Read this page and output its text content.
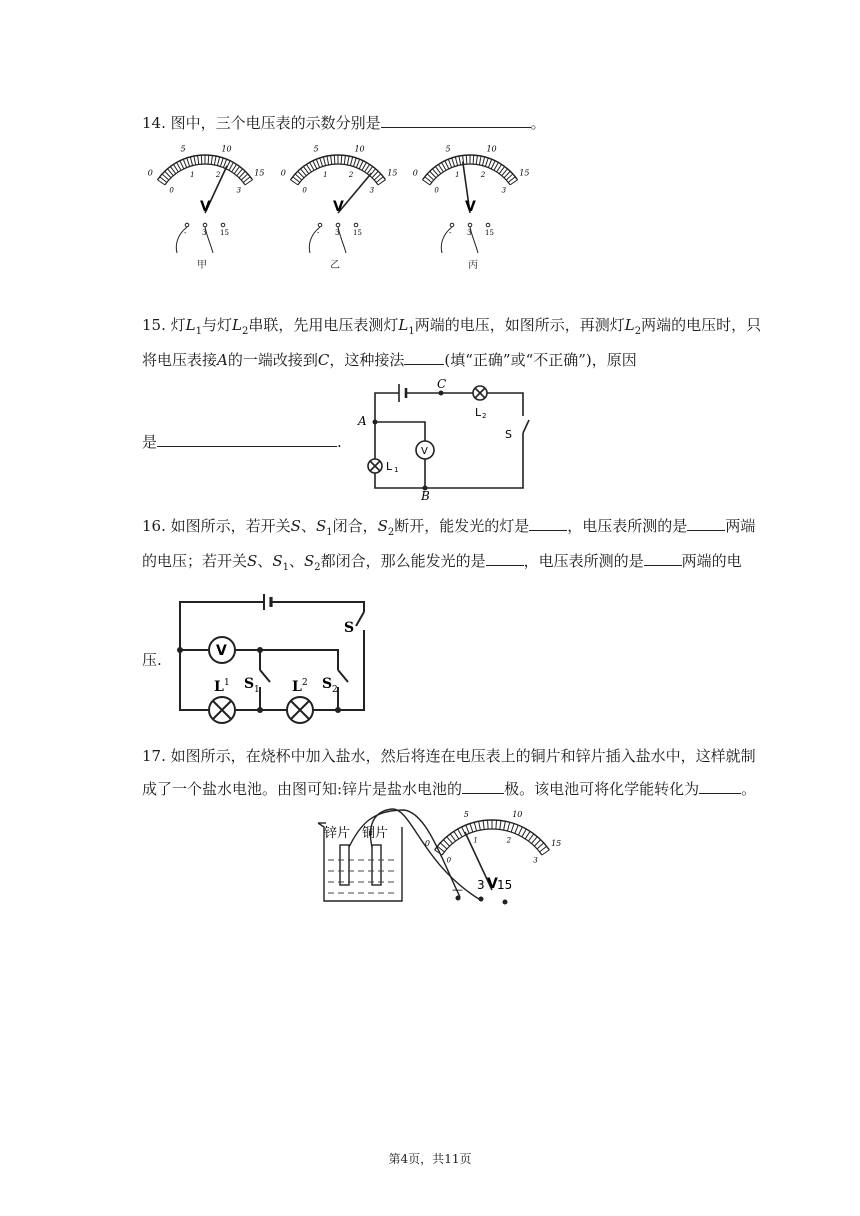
14. 图中，三个电压表的示数分别是	。
0
5	10
15
0
1	2
3
V
- 3 15
0
5	10
15
0
1	2
3
V
- 3 15
0
5	10
15
0
1	2
3
V
- 3 15
甲	乙	丙
15. 灯$L_1$与灯$L_2$串联，先用电压表测灯$L_1$两端的电压，如图所示，再测灯$L_2$两端的电压时，只
将电压表接A的一端改接到C，这种接法	(填“正确”或“不正确”)，原因
是	.
V
C
A
B
L 1
L 2
S
16. 如图所示，若开关S、$S_1$闭合，$S_2$断开，能发光的灯是	，电压表所测的是	两端
的电压；若开关S、$S_1$、$S_2$都闭合，那么能发光的是	，电压表所测的是	两端的电
压.	V
S
S 1	S 2
L 1	L 2
17. 如图所示，在烧杯中加入盐水，然后将连在电压表上的铜片和锌片插入盐水中，这样就制
成了一个盐水电池。由图可知:锌片是盐水电池的	极。该电池可将化学能转化为	。
锌片 铜片
0
5	10
15
0
1	2
3
V
— 3 15
第4页，共11页
